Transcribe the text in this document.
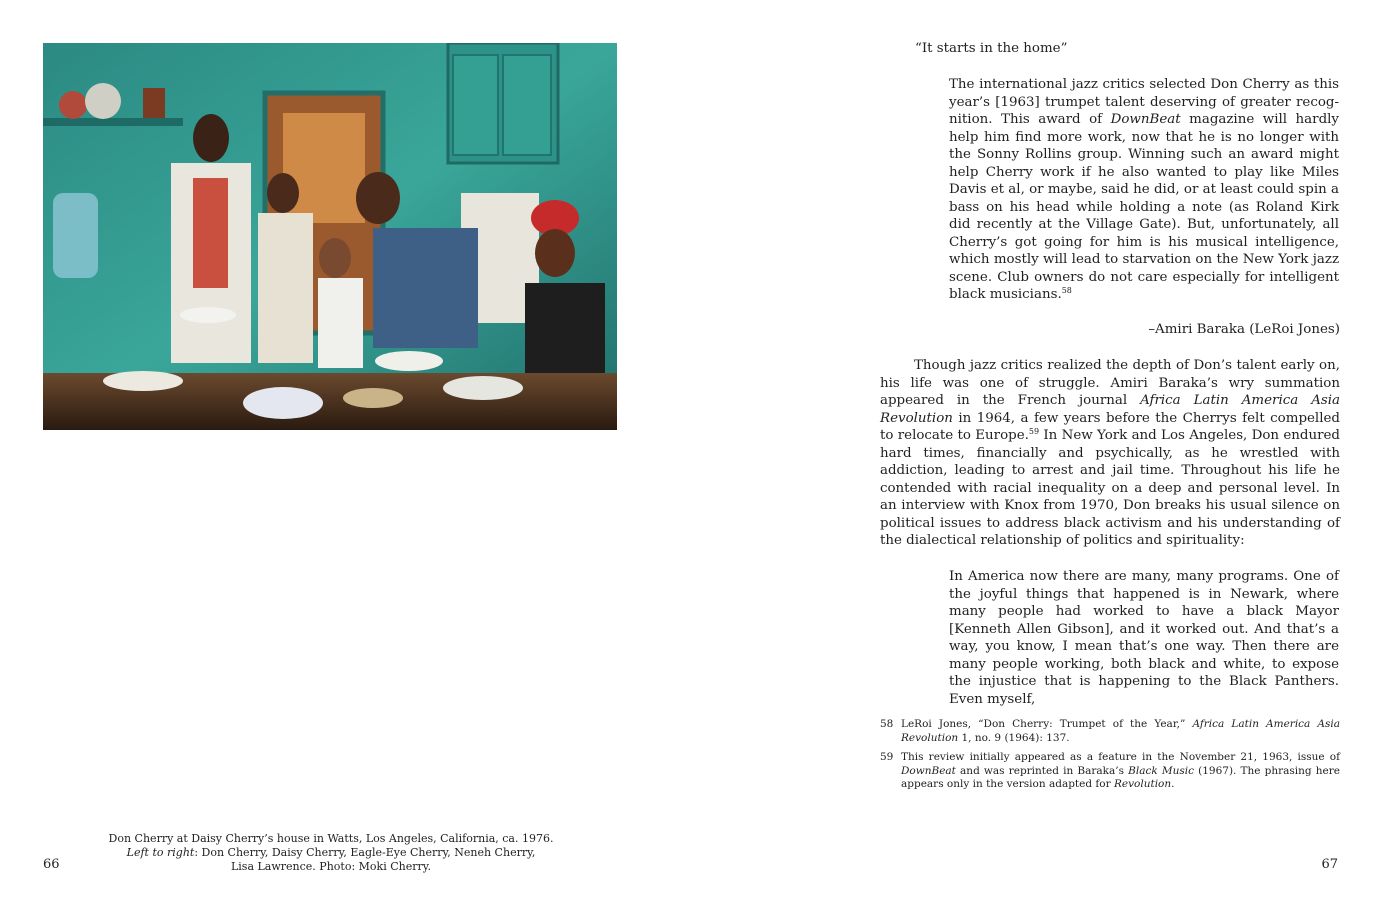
Don Cherry at Daisy Cherry’s house in Watts, Los Angeles, California, ca. 1976.
Left to right: Don Cherry, Daisy Cherry, Eagle-Eye Cherry, Neneh Cherry,
Lisa Lawrence. Photo: Moki Cherry.
66
“It starts in the home”
The international jazz critics selected Don Cherry as this year’s [1963] trumpet talent deserving of greater recog-nition. This award of DownBeat magazine will hardly help him find more work, now that he is no longer with the Sonny Rollins group. Winning such an award might help Cherry work if he also wanted to play like Miles Davis et al, or maybe, said he did, or at least could spin a bass on his head while holding a note (as Roland Kirk did recently at the Village Gate). But, unfortunately, all Cherry’s got going for him is his musical intelligence, which mostly will lead to starvation on the New York jazz scene. Club owners do not care especially for intelligent black musicians.$^{58}$
–Amiri Baraka (LeRoi Jones)
Though jazz critics realized the depth of Don’s talent early on, his life was one of struggle. Amiri Baraka’s wry summation appeared in the French journal Africa Latin America Asia Revolution in 1964, a few years before the Cherrys felt compelled to relocate to Europe.$^{59}$ In New York and Los Angeles, Don endured hard times, financially and psychically, as he wrestled with addiction, leading to arrest and jail time. Throughout his life he contended with racial inequality on a deep and personal level. In an interview with Knox from 1970, Don breaks his usual silence on political issues to address black activism and his understanding of the dialectical relationship of politics and spirituality:
In America now there are many, many programs. One of the joyful things that happened is in Newark, where many people had worked to have a black Mayor [Kenneth Allen Gibson], and it worked out. And that’s a way, you know, I mean that’s one way. Then there are many people working, both black and white, to expose the injustice that is happening to the Black Panthers. Even myself,
58 LeRoi Jones, “Don Cherry: Trumpet of the Year,” Africa Latin America Asia Revolution 1, no. 9 (1964): 137.
59 This review initially appeared as a feature in the November 21, 1963, issue of DownBeat and was reprinted in Baraka’s Black Music (1967). The phrasing here appears only in the version adapted for Revolution.
67
